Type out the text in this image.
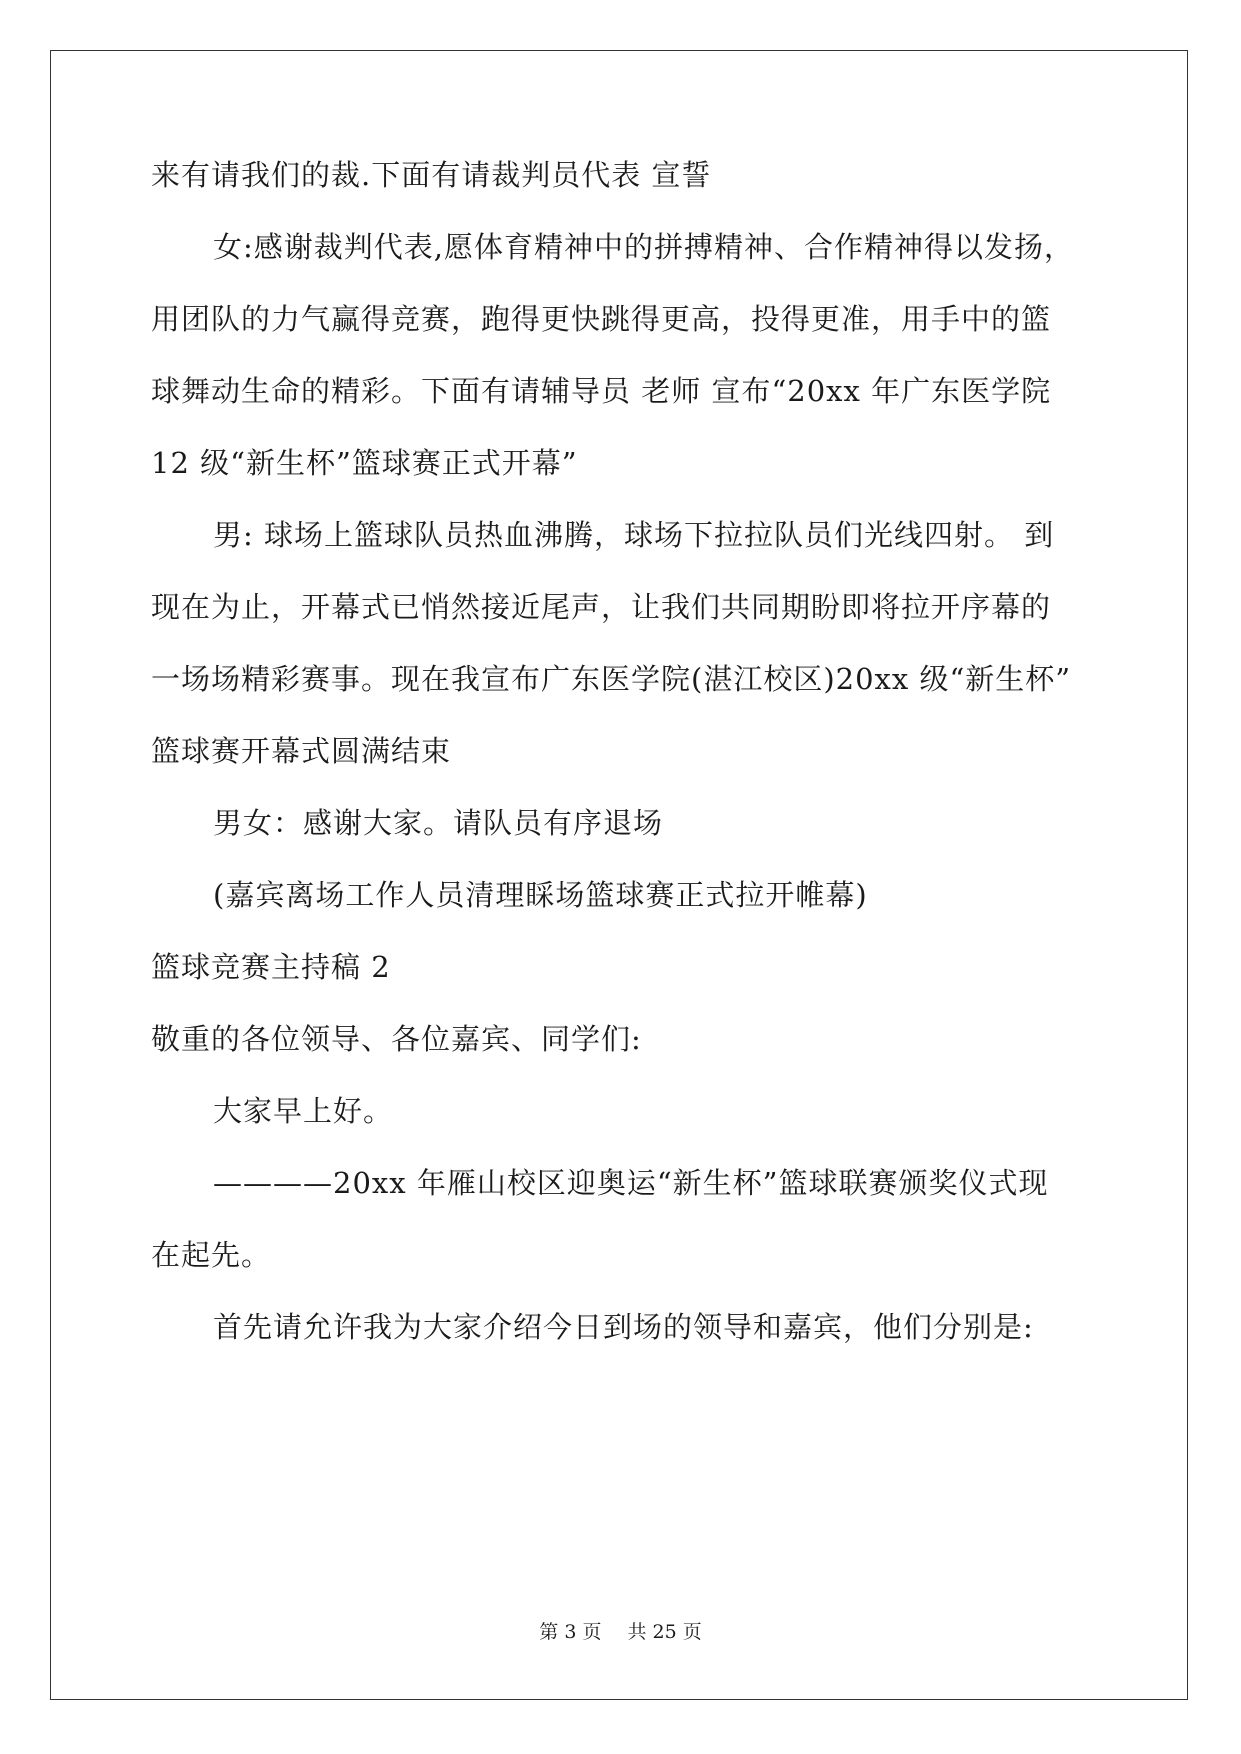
来有请我们的裁.下面有请裁判员代表 宣誓
女:感谢裁判代表,愿体育精神中的拼搏精神、合作精神得以发扬，
用团队的力气赢得竞赛，跑得更快跳得更高，投得更准，用手中的篮
球舞动生命的精彩。下面有请辅导员 老师 宣布“20xx 年广东医学院
12 级“新生杯”篮球赛正式开幕”
男: 球场上篮球队员热血沸腾，球场下拉拉队员们光线四射。 到
现在为止，开幕式已悄然接近尾声，让我们共同期盼即将拉开序幕的
一场场精彩赛事。现在我宣布广东医学院(湛江校区)20xx 级“新生杯”
篮球赛开幕式圆满结束
男女：感谢大家。请队员有序退场
(嘉宾离场工作人员清理睬场篮球赛正式拉开帷幕)
篮球竞赛主持稿 2
敬重的各位领导、各位嘉宾、同学们:
大家早上好。
————20xx 年雁山校区迎奥运“新生杯”篮球联赛颁奖仪式现
在起先。
首先请允许我为大家介绍今日到场的领导和嘉宾，他们分别是:
第 3 页 共 25 页
